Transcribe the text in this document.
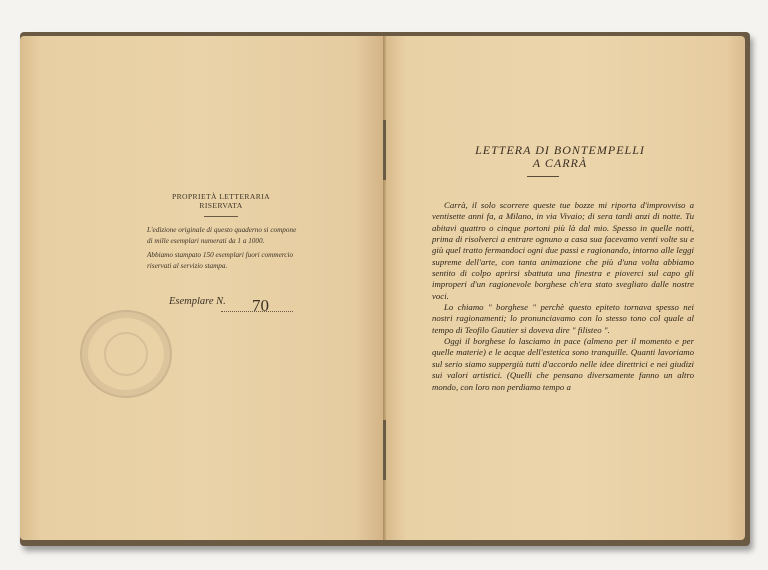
PROPRIETÀ LETTERARIA RISERVATA
L'edizione originale di questo quaderno si compone di mille esemplari numerati da 1 a 1000.
Abbiamo stampato 150 esemplari fuori commercio riservati al servizio stampa.
Esemplare N. 70
LETTERA DI BONTEMPELLI
A CARRÀ

Carrà, il solo scorrere queste tue bozze mi riporta d'improvviso a ventisette anni fa, a Milano, in via Vivaio; di sera tardi anzi di notte. Tu abitavi quattro o cinque portoni più là dal mio. Spesso in quelle notti, prima di risolverci a entrare ognuno a casa sua facevamo venti volte su e giù quel tratto fermandoci ogni due passi e ragionando, intorno alle leggi supreme dell'arte, con tanta animazione che più d'una volta abbiamo sentito di colpo aprirsi sbattuta una finestra e pioverci sul capo gli improperi d'un ragionevole borghese ch'era stato svegliato dalle nostre voci.

Lo chiamo " borghese " perchè questo epiteto tornava spesso nei nostri ragionamenti; lo pronunciavamo con lo stesso tono col quale al tempo di Teofilo Gautier si doveva dire " filisteo ".

Oggi il borghese lo lasciamo in pace (almeno per il momento e per quelle materie) e le acque dell'estetica sono tranquille. Quanti lavoriamo sul serio siamo suppergiù tutti d'accordo nelle idee direttrici e nei giudizi sui valori artistici. (Quelli che pensano diversamente fanno un altro mondo, con loro non perdiamo tempo a
